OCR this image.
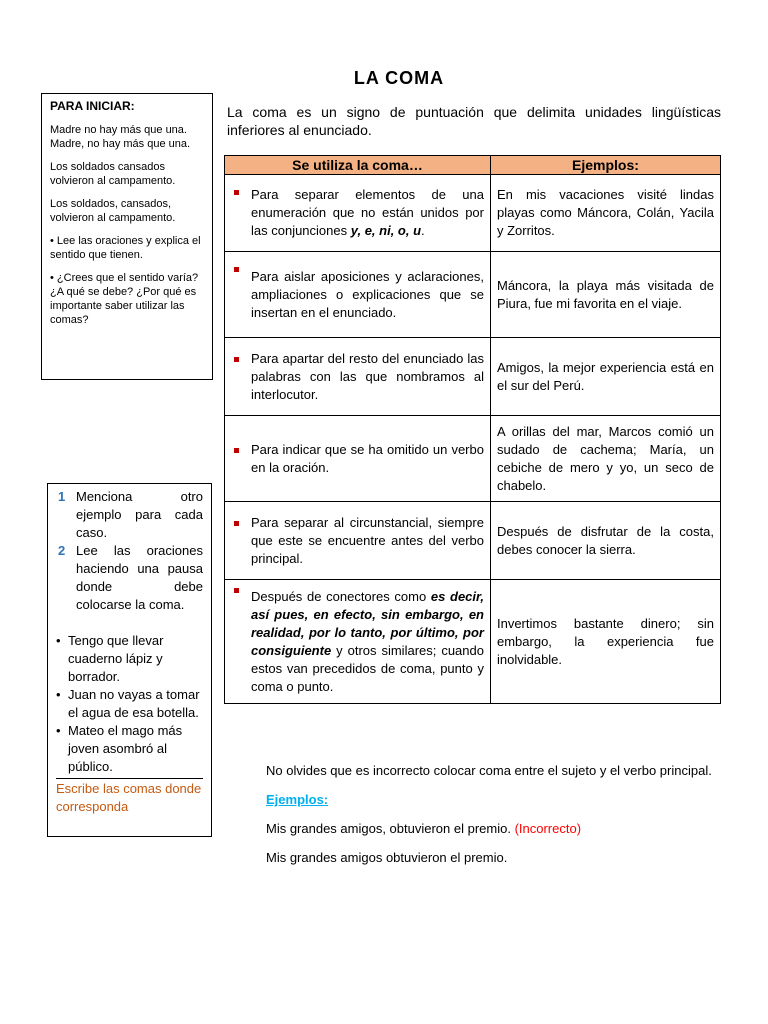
LA COMA
PARA INICIAR:

Madre no hay más que una.
Madre, no hay más que una.

Los soldados cansados volvieron al campamento.

Los soldados, cansados, volvieron al campamento.

• Lee las oraciones y explica el sentido que tienen.

• ¿Crees que el sentido varía? ¿A qué se debe? ¿Por qué es importante saber utilizar las comas?

La coma es un signo de puntuación que delimita unidades lingüísticas inferiores al enunciado.
Se utiliza la coma…	Ejemplos:

Para separar elementos de una enumeración que no están unidos por las conjunciones y, e, ni, o, u.	En mis vacaciones visité lindas playas como Máncora, Colán, Yacila y Zorritos.

Para aislar aposiciones y aclaraciones, ampliaciones o explicaciones que se insertan en el enunciado.	Máncora, la playa más visitada de Piura, fue mi favorita en el viaje.

Para apartar del resto del enunciado las palabras con las que nombramos al interlocutor.	Amigos, la mejor experiencia está en el sur del Perú.

Para indicar que se ha omitido un verbo en la oración.	A orillas del mar, Marcos comió un sudado de cachema; María, un cebiche de mero y yo, un seco de chabelo.

Para separar al circunstancial, siempre que este se encuentre antes del verbo principal.	Después de disfrutar de la costa, debes conocer la sierra.

Después de conectores como es decir, así pues, en efecto, sin embargo, en realidad, por lo tanto, por último, por consiguiente y otros similares; cuando estos van precedidos de coma, punto y coma o punto.	Invertimos bastante dinero; sin embargo, la experiencia fue inolvidable.
1 Menciona otro ejemplo para cada caso.
2 Lee las oraciones haciendo una pausa donde debe colocarse la coma.
• Tengo que llevar cuaderno lápiz y borrador.
• Juan no vayas a tomar el agua de esa botella.
• Mateo el mago más joven asombró al público.
Escribe las comas donde corresponda

No olvides que es incorrecto colocar coma entre el sujeto y el verbo principal.

Ejemplos:

Mis grandes amigos, obtuvieron el premio. (Incorrecto)

Mis grandes amigos obtuvieron el premio.
